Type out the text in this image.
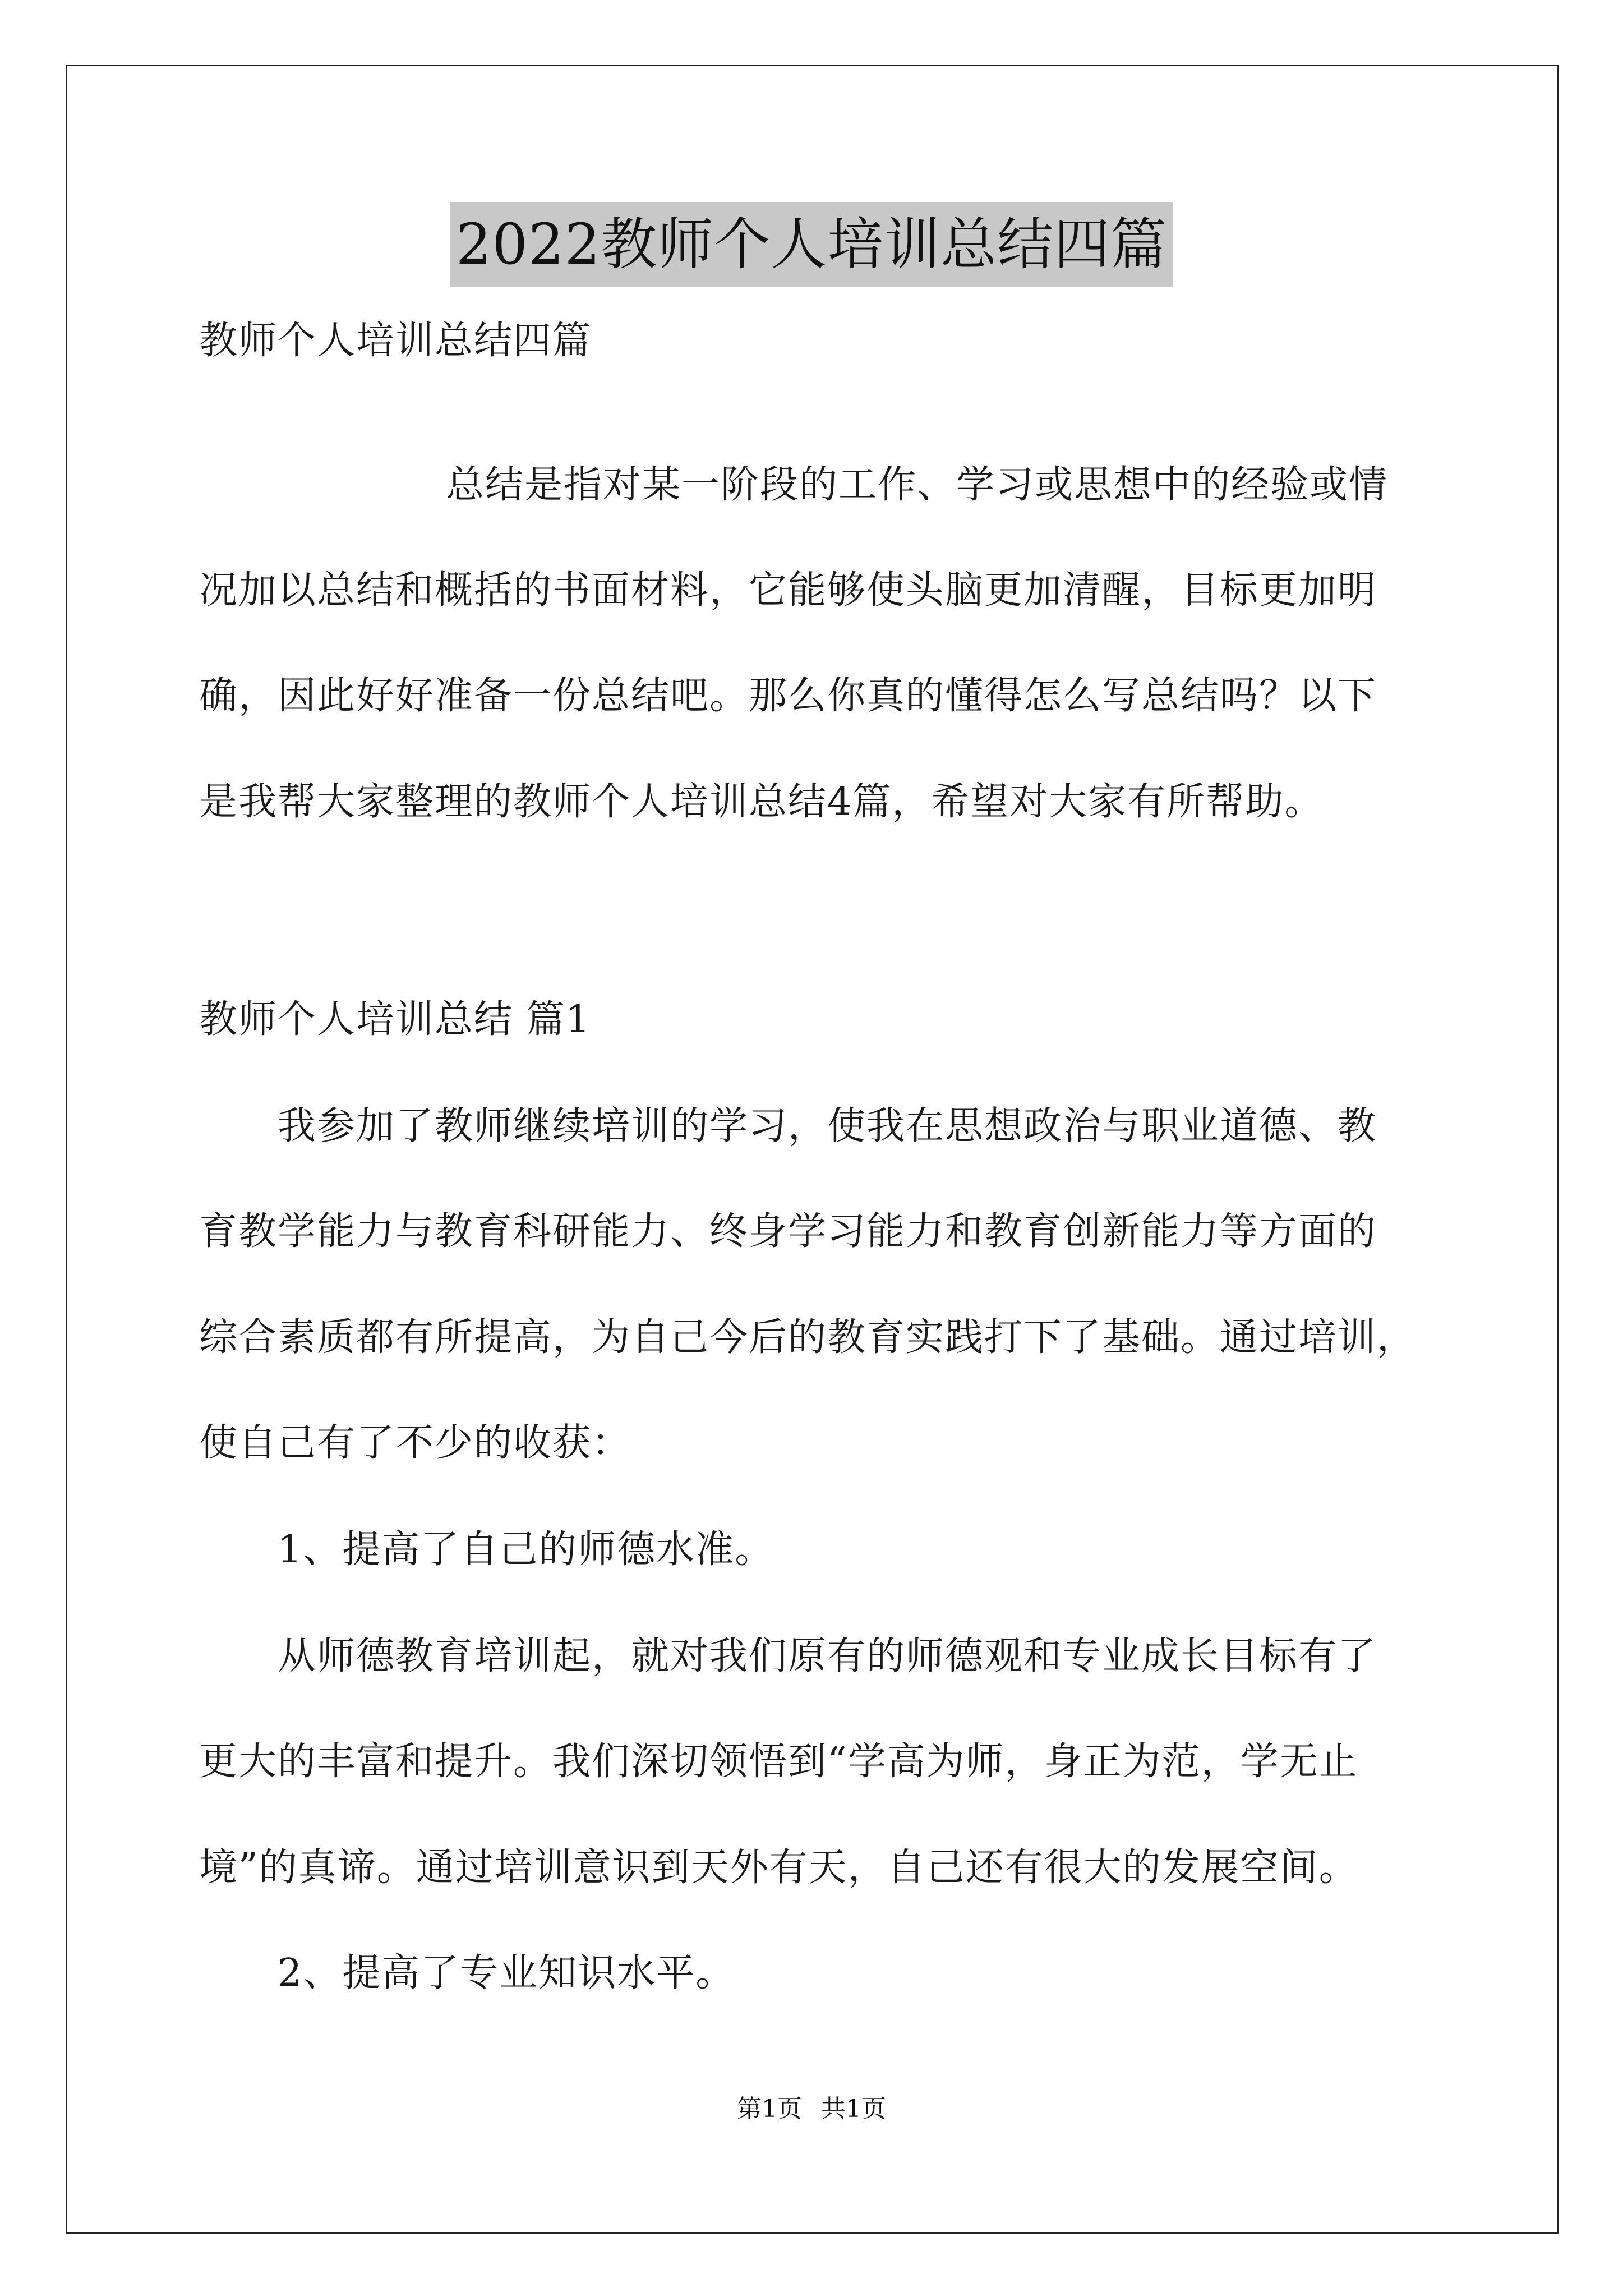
2022教师个人培训总结四篇
教师个人培训总结四篇
总结是指对某一阶段的工作、学习或思想中的经验或情
况加以总结和概括的书面材料，它能够使头脑更加清醒，目标更加明
确，因此好好准备一份总结吧。那么你真的懂得怎么写总结吗？以下
是我帮大家整理的教师个人培训总结4篇，希望对大家有所帮助。
教师个人培训总结 篇1
我参加了教师继续培训的学习，使我在思想政治与职业道德、教
育教学能力与教育科研能力、终身学习能力和教育创新能力等方面的
综合素质都有所提高，为自己今后的教育实践打下了基础。通过培训，
使自己有了不少的收获：
1、提高了自己的师德水准。
从师德教育培训起，就对我们原有的师德观和专业成长目标有了
更大的丰富和提升。我们深切领悟到“学高为师，身正为范，学无止
境”的真谛。通过培训意识到天外有天，自己还有很大的发展空间。
2、提高了专业知识水平。
第1页 共1页
